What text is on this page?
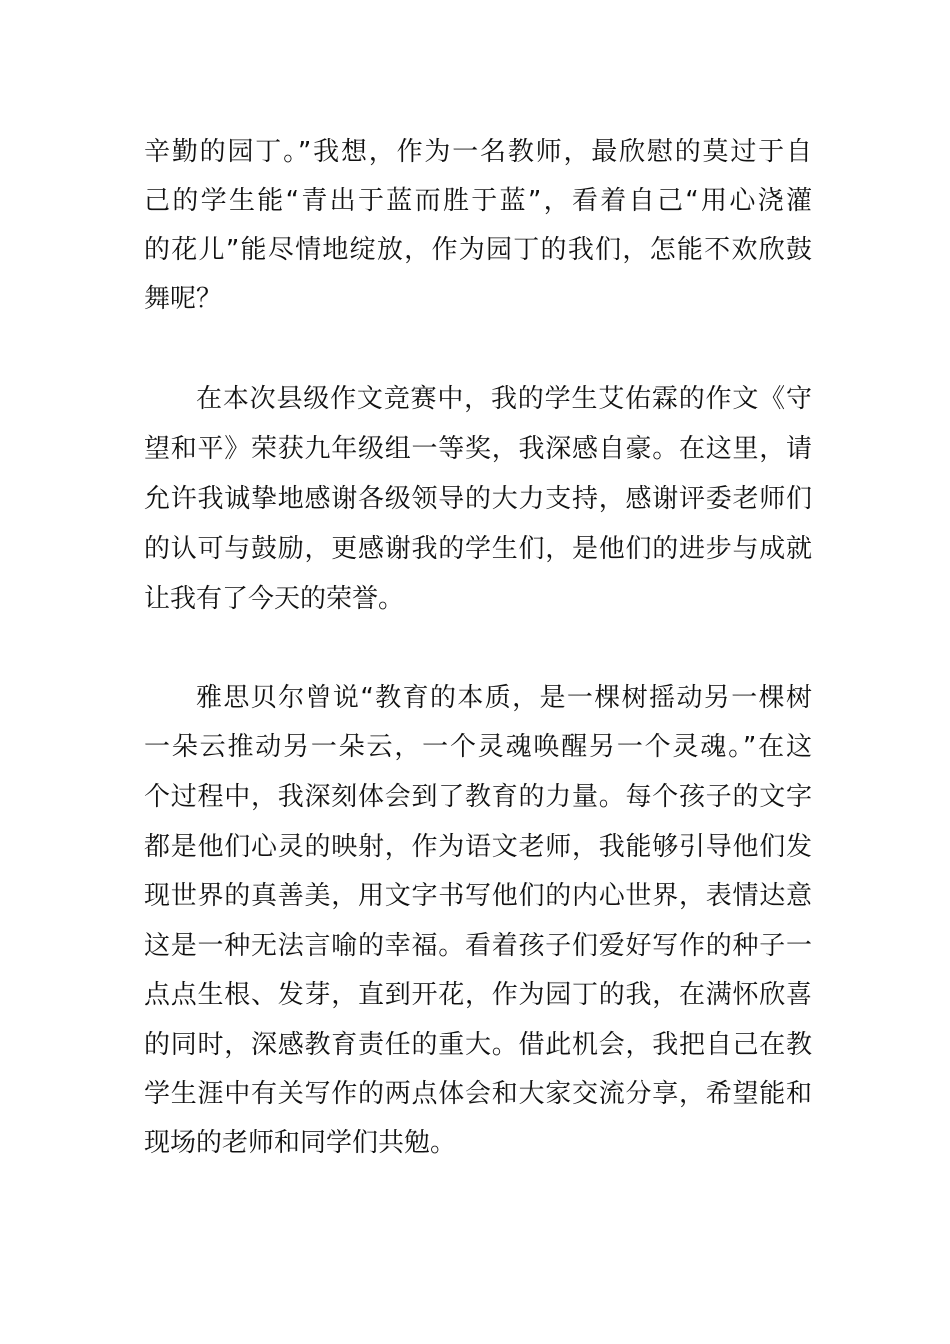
辛勤的园丁。”我想，作为一名教师，最欣慰的莫过于自
己的学生能“青出于蓝而胜于蓝”，看着自己“用心浇灌
的花儿”能尽情地绽放，作为园丁的我们，怎能不欢欣鼓
舞呢？
在本次县级作文竞赛中，我的学生艾佑霖的作文《守
望和平》荣获九年级组一等奖，我深感自豪。在这里，请
允许我诚挚地感谢各级领导的大力支持，感谢评委老师们
的认可与鼓励，更感谢我的学生们，是他们的进步与成就
让我有了今天的荣誉。
雅思贝尔曾说“教育的本质，是一棵树摇动另一棵树
一朵云推动另一朵云，一个灵魂唤醒另一个灵魂。”在这
个过程中，我深刻体会到了教育的力量。每个孩子的文字
都是他们心灵的映射，作为语文老师，我能够引导他们发
现世界的真善美，用文字书写他们的内心世界，表情达意
这是一种无法言喻的幸福。看着孩子们爱好写作的种子一
点点生根、发芽，直到开花，作为园丁的我，在满怀欣喜
的同时，深感教育责任的重大。借此机会，我把自己在教
学生涯中有关写作的两点体会和大家交流分享，希望能和
现场的老师和同学们共勉。
